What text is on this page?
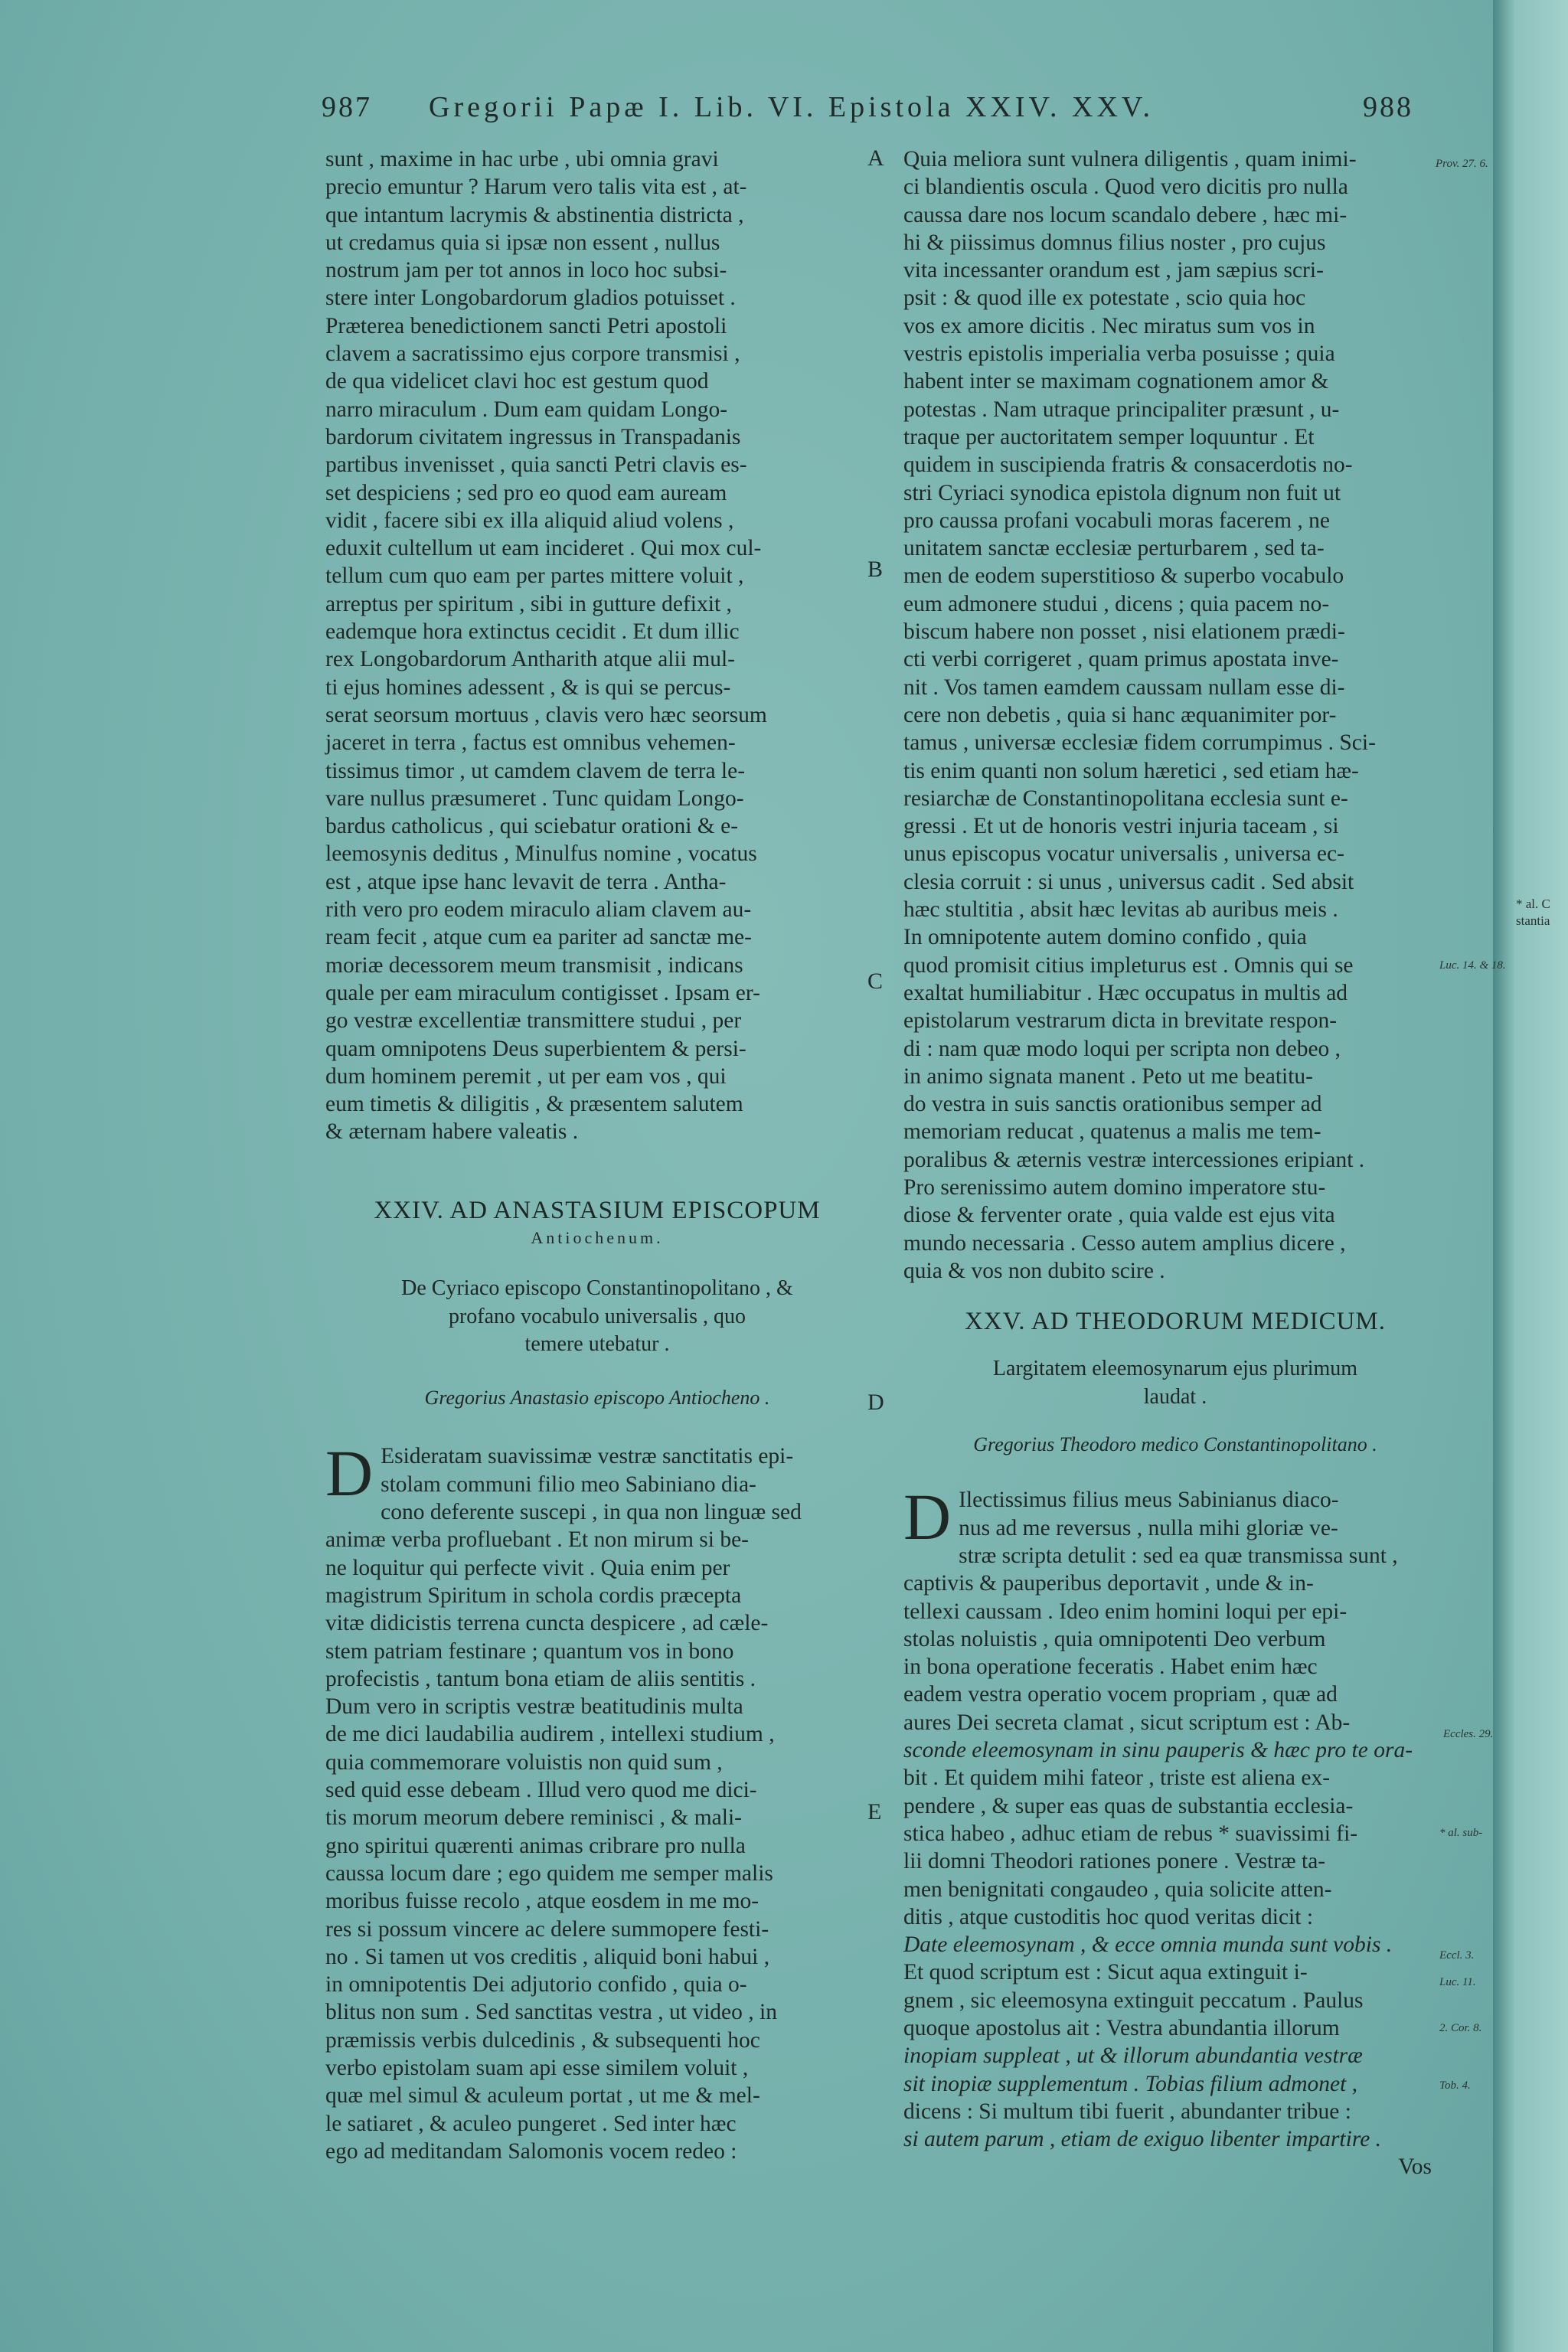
987 Gregorii Papæ I. Lib. VI. Epistola XXIV. XXV.	988
A
B
C
D
E
sunt , maxime in hac urbe , ubi omnia gravi
precio emuntur ? Harum vero talis vita est , at-
que intantum lacrymis & abstinentia districta ,
ut credamus quia si ipsæ non essent , nullus
nostrum jam per tot annos in loco hoc subsi-
stere inter Longobardorum gladios potuisset .
Præterea benedictionem sancti Petri apostoli
clavem a sacratissimo ejus corpore transmisi ,
de qua videlicet clavi hoc est gestum quod
narro miraculum . Dum eam quidam Longo-
bardorum civitatem ingressus in Transpadanis
partibus invenisset , quia sancti Petri clavis es-
set despiciens ; sed pro eo quod eam auream
vidit , facere sibi ex illa aliquid aliud volens ,
eduxit cultellum ut eam incideret . Qui mox cul-
tellum cum quo eam per partes mittere voluit ,
arreptus per spiritum , sibi in gutture defixit ,
eademque hora extinctus cecidit . Et dum illic
rex Longobardorum Antharith atque alii mul-
ti ejus homines adessent , & is qui se percus-
serat seorsum mortuus , clavis vero hæc seorsum
jaceret in terra , factus est omnibus vehemen-
tissimus timor , ut camdem clavem de terra le-
vare nullus præsumeret . Tunc quidam Longo-
bardus catholicus , qui sciebatur orationi & e-
leemosynis deditus , Minulfus nomine , vocatus
est , atque ipse hanc levavit de terra . Antha-
rith vero pro eodem miraculo aliam clavem au-
ream fecit , atque cum ea pariter ad sanctæ me-
moriæ decessorem meum transmisit , indicans
quale per eam miraculum contigisset . Ipsam er-
go vestræ excellentiæ transmittere studui , per
quam omnipotens Deus superbientem & persi-
dum hominem peremit , ut per eam vos , qui
eum timetis & diligitis , & præsentem salutem
& æternam habere valeatis .
XXIV. AD ANASTASIUM EPISCOPUM
Antiochenum.
De Cyriaco episcopo Constantinopolitano , &
profano vocabulo universalis , quo
temere utebatur .
Gregorius Anastasio episcopo Antiocheno .
D Esideratam suavissimæ vestræ sanctitatis epi-
stolam communi filio meo Sabiniano dia-
cono deferente suscepi , in qua non linguæ sed
animæ verba profluebant . Et non mirum si be-
ne loquitur qui perfecte vivit . Quia enim per
magistrum Spiritum in schola cordis præcepta
vitæ didicistis terrena cuncta despicere , ad cæle-
stem patriam festinare ; quantum vos in bono
profecistis , tantum bona etiam de aliis sentitis .
Dum vero in scriptis vestræ beatitudinis multa
de me dici laudabilia audirem , intellexi studium ,
quia commemorare voluistis non quid sum ,
sed quid esse debeam . Illud vero quod me dici-
tis morum meorum debere reminisci , & mali-
gno spiritui quærenti animas cribrare pro nulla
caussa locum dare ; ego quidem me semper malis
moribus fuisse recolo , atque eosdem in me mo-
res si possum vincere ac delere summopere festi-
no . Si tamen ut vos creditis , aliquid boni habui ,
in omnipotentis Dei adjutorio confido , quia o-
blitus non sum . Sed sanctitas vestra , ut video , in
præmissis verbis dulcedinis , & subsequenti hoc
verbo epistolam suam api esse similem voluit ,
quæ mel simul & aculeum portat , ut me & mel-
le satiaret , & aculeo pungeret . Sed inter hæc
ego ad meditandam Salomonis vocem redeo :
Quia meliora sunt vulnera diligentis , quam inimi-
ci blandientis oscula . Quod vero dicitis pro nulla
caussa dare nos locum scandalo debere , hæc mi-
hi & piissimus domnus filius noster , pro cujus
vita incessanter orandum est , jam sæpius scri-
psit : & quod ille ex potestate , scio quia hoc
vos ex amore dicitis . Nec miratus sum vos in
vestris epistolis imperialia verba posuisse ; quia
habent inter se maximam cognationem amor &
potestas . Nam utraque principaliter præsunt , u-
traque per auctoritatem semper loquuntur . Et
quidem in suscipienda fratris & consacerdotis no-
stri Cyriaci synodica epistola dignum non fuit ut
pro caussa profani vocabuli moras facerem , ne
unitatem sanctæ ecclesiæ perturbarem , sed ta-
men de eodem superstitioso & superbo vocabulo
eum admonere studui , dicens ; quia pacem no-
biscum habere non posset , nisi elationem prædi-
cti verbi corrigeret , quam primus apostata inve-
nit . Vos tamen eamdem caussam nullam esse di-
cere non debetis , quia si hanc æquanimiter por-
tamus , universæ ecclesiæ fidem corrumpimus . Sci-
tis enim quanti non solum hæretici , sed etiam hæ-
resiarchæ de Constantinopolitana ecclesia sunt e-
gressi . Et ut de honoris vestri injuria taceam , si
unus episcopus vocatur universalis , universa ec-
clesia corruit : si unus , universus cadit . Sed absit
hæc stultitia , absit hæc levitas ab auribus meis .
In omnipotente autem domino confido , quia
quod promisit citius impleturus est . Omnis qui se
exaltat humiliabitur . Hæc occupatus in multis ad
epistolarum vestrarum dicta in brevitate respon-
di : nam quæ modo loqui per scripta non debeo ,
in animo signata manent . Peto ut me beatitu-
do vestra in suis sanctis orationibus semper ad
memoriam reducat , quatenus a malis me tem-
poralibus & æternis vestræ intercessiones eripiant .
Pro serenissimo autem domino imperatore stu-
diose & ferventer orate , quia valde est ejus vita
mundo necessaria . Cesso autem amplius dicere ,
quia & vos non dubito scire .
XXV. AD THEODORUM MEDICUM.
Largitatem eleemosynarum ejus plurimum
laudat .
Gregorius Theodoro medico Constantinopolitano .
D Ilectissimus filius meus Sabinianus diaco-
nus ad me reversus , nulla mihi gloriæ ve-
stræ scripta detulit : sed ea quæ transmissa sunt ,
captivis & pauperibus deportavit , unde & in-
tellexi caussam . Ideo enim homini loqui per epi-
stolas noluistis , quia omnipotenti Deo verbum
in bona operatione feceratis . Habet enim hæc
eadem vestra operatio vocem propriam , quæ ad
aures Dei secreta clamat , sicut scriptum est : Ab-
sconde eleemosynam in sinu pauperis & hæc pro te ora-
bit . Et quidem mihi fateor , triste est aliena ex-
pendere , & super eas quas de substantia ecclesia-
stica habeo , adhuc etiam de rebus * suavissimi fi-
lii domni Theodori rationes ponere . Vestræ ta-
men benignitati congaudeo , quia solicite atten-
ditis , atque custoditis hoc quod veritas dicit :
Date eleemosynam , & ecce omnia munda sunt vobis .
Et quod scriptum est : Sicut aqua extinguit i-
gnem , sic eleemosyna extinguit peccatum . Paulus
quoque apostolus ait : Vestra abundantia illorum
inopiam suppleat , ut & illorum abundantia vestræ
sit inopiæ supplementum . Tobias filium admonet ,
dicens : Si multum tibi fuerit , abundanter tribue :
si autem parum , etiam de exiguo libenter impartire .
Vos
Prov. 27. 6.
Luc. 14. & 18.
Eccles. 29.
* al. sub-
Eccl. 3.
Luc. 11.
2. Cor. 8.
Tob. 4.
* al. C
stantia
